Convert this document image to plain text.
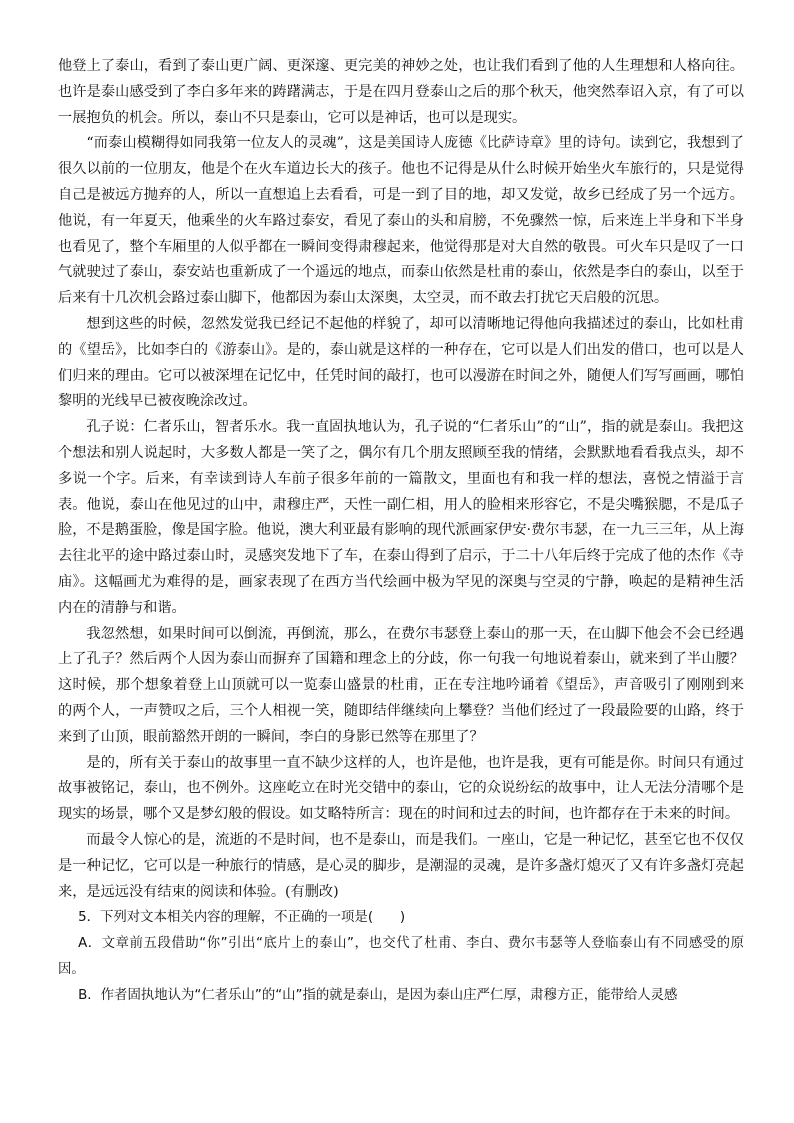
他登上了泰山，看到了泰山更广阔、更深邃、更完美的神妙之处，也让我们看到了他的人生理想和人格向往。也许是泰山感受到了李白多年来的踌躇满志，于是在四月登泰山之后的那个秋天，他突然奉诏入京，有了可以一展抱负的机会。所以，泰山不只是泰山，它可以是神话，也可以是现实。

“而泰山模糊得如同我第一位友人的灵魂”，这是美国诗人庞德《比萨诗章》里的诗句。读到它，我想到了很久以前的一位朋友，他是个在火车道边长大的孩子。他也不记得是从什么时候开始坐火车旅行的，只是觉得自己是被远方抛弃的人，所以一直想追上去看看，可是一到了目的地，却又发觉，故乡已经成了另一个远方。他说，有一年夏天，他乘坐的火车路过泰安，看见了泰山的头和肩膀，不免骤然一惊，后来连上半身和下半身也看见了，整个车厢里的人似乎都在一瞬间变得肃穆起来，他觉得那是对大自然的敬畏。可火车只是叹了一口气就驶过了泰山，泰安站也重新成了一个遥远的地点，而泰山依然是杜甫的泰山，依然是李白的泰山，以至于后来有十几次机会路过泰山脚下，他都因为泰山太深奥，太空灵，而不敢去打扰它天启般的沉思。

想到这些的时候，忽然发觉我已经记不起他的样貌了，却可以清晰地记得他向我描述过的泰山，比如杜甫的《望岳》，比如李白的《游泰山》。是的，泰山就是这样的一种存在，它可以是人们出发的借口，也可以是人们归来的理由。它可以被深埋在记忆中，任凭时间的敲打，也可以漫游在时间之外，随便人们写写画画，哪怕黎明的光线早已被夜晚涂改过。

孔子说：仁者乐山，智者乐水。我一直固执地认为，孔子说的“仁者乐山”的“山”，指的就是泰山。我把这个想法和别人说起时，大多数人都是一笑了之，偶尔有几个朋友照顾至我的情绪，会默默地看看我点头，却不多说一个字。后来，有幸读到诗人车前子很多年前的一篇散文，里面也有和我一样的想法，喜悦之情溢于言表。他说，泰山在他见过的山中，肃穆庄严，天性一副仁相，用人的脸相来形容它，不是尖嘴猴腮，不是瓜子脸，不是鹅蛋脸，像是国字脸。他说，澳大利亚最有影响的现代派画家伊安·费尔韦瑟，在一九三三年，从上海去往北平的途中路过泰山时，灵感突发地下了车，在泰山得到了启示，于二十八年后终于完成了他的杰作《寺庙》。这幅画尤为难得的是，画家表现了在西方当代绘画中极为罕见的深奥与空灵的宁静，唤起的是精神生活内在的清静与和谐。

我忽然想，如果时间可以倒流，再倒流，那么，在费尔韦瑟登上泰山的那一天，在山脚下他会不会已经遇上了孔子？然后两个人因为泰山而摒弃了国籍和理念上的分歧，你一句我一句地说着泰山，就来到了半山腰？这时候，那个想象着登上山顶就可以一览泰山盛景的杜甫，正在专注地吟诵着《望岳》，声音吸引了刚刚到来的两个人，一声赞叹之后，三个人相视一笑，随即结伴继续向上攀登？当他们经过了一段最险要的山路，终于来到了山顶，眼前豁然开朗的一瞬间，李白的身影已然等在那里了？

是的，所有关于泰山的故事里一直不缺少这样的人，也许是他，也许是我，更有可能是你。时间只有通过故事被铭记，泰山，也不例外。这座屹立在时光交错中的泰山，它的众说纷纭的故事中，让人无法分清哪个是现实的场景，哪个又是梦幻般的假设。如艾略特所言：现在的时间和过去的时间，也许都存在于未来的时间。

而最令人惊心的是，流逝的不是时间，也不是泰山，而是我们。一座山，它是一种记忆，甚至它也不仅仅是一种记忆，它可以是一种旅行的情感，是心灵的脚步，是潮湿的灵魂，是许多盏灯熄灭了又有许多盏灯亮起来，是远远没有结束的阅读和体验。(有删改)

5．下列对文本相关内容的理解，不正确的一项是(　　)

A．文章前五段借助“你”引出“底片上的泰山”，也交代了杜甫、李白、费尔韦瑟等人登临泰山有不同感受的原因。

B．作者固执地认为“仁者乐山”的“山”指的就是泰山，是因为泰山庄严仁厚，肃穆方正，能带给人灵感
